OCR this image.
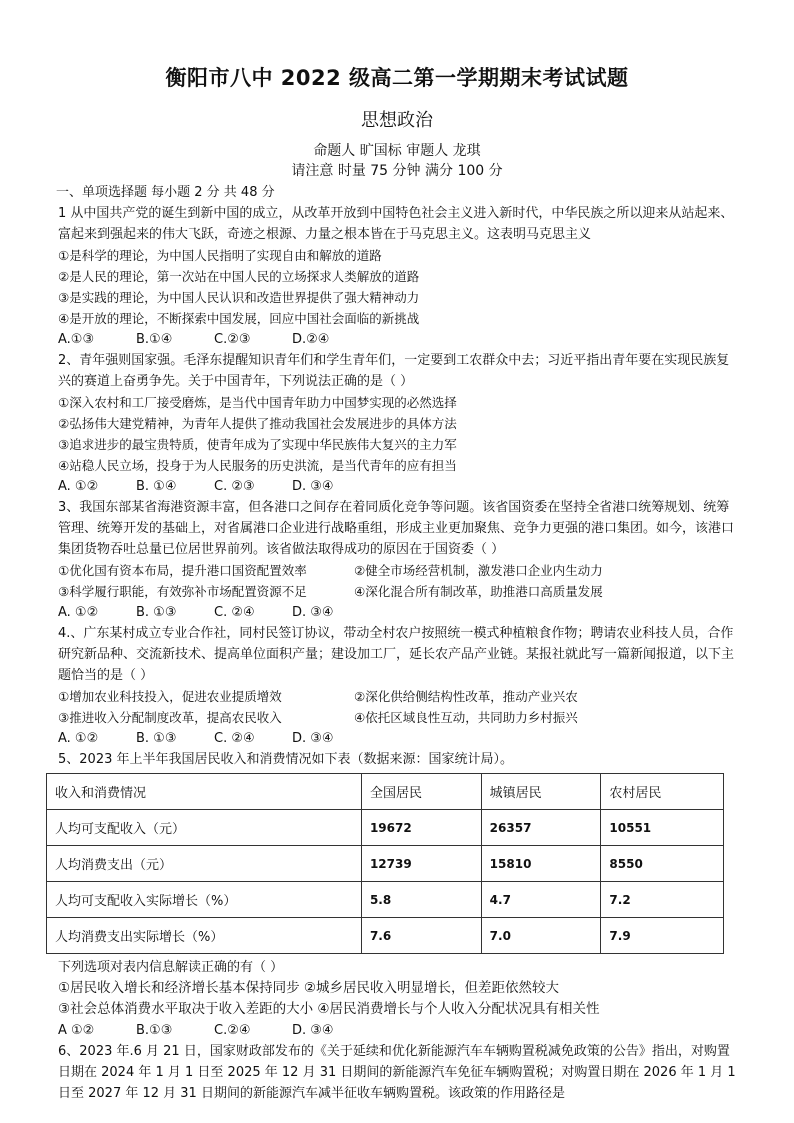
衡阳市八中 2022 级高二第一学期期末考试试题
思想政治
命题人 旷国标 审题人 龙琪
请注意 时量 75 分钟 满分 100 分

一、单项选择题 每小题 2 分 共 48 分

1 从中国共产党的诞生到新中国的成立，从改革开放到中国特色社会主义进入新时代，中华民族之所以迎来从站起来、富起来到强起来的伟大飞跃，奇迹之根源、力量之根本皆在于马克思主义。这表明马克思主义

①是科学的理论，为中国人民指明了实现自由和解放的道路

②是人民的理论，第一次站在中国人民的立场探求人类解放的道路

③是实践的理论，为中国人民认识和改造世界提供了强大精神动力

④是开放的理论，不断探索中国发展，回应中国社会面临的新挑战

A.①③	B.①④	C.②③	D.②④

2、青年强则国家强。毛泽东提醒知识青年们和学生青年们，一定要到工农群众中去；习近平指出青年要在实现民族复兴的赛道上奋勇争先。关于中国青年，下列说法正确的是（ ）

①深入农村和工厂接受磨炼，是当代中国青年助力中国梦实现的必然选择

②弘扬伟大建党精神，为青年人提供了推动我国社会发展进步的具体方法

③追求进步的最宝贵特质，使青年成为了实现中华民族伟大复兴的主力军

④站稳人民立场，投身于为人民服务的历史洪流，是当代青年的应有担当

A. ①②	B. ①④	C. ②③	D. ③④

3、我国东部某省海港资源丰富，但各港口之间存在着同质化竞争等问题。该省国资委在坚持全省港口统筹规划、统筹管理、统筹开发的基础上，对省属港口企业进行战略重组，形成主业更加聚焦、竞争力更强的港口集团。如今，该港口集团货物吞吐总量已位居世界前列。该省做法取得成功的原因在于国资委（ ）

①优化国有资本布局，提升港口国资配置效率	②健全市场经营机制，激发港口企业内生动力
③科学履行职能，有效弥补市场配置资源不足	④深化混合所有制改革，助推港口高质量发展
A. ①②	B. ①③	C. ②④	D. ③④

4.、广东某村成立专业合作社，同村民签订协议，带动全村农户按照统一模式种植粮食作物；聘请农业科技人员，合作研究新品种、交流新技术、提高单位面积产量；建设加工厂，延长农产品产业链。某报社就此写一篇新闻报道，以下主题恰当的是（ ）

①增加农业科技投入，促进农业提质增效	②深化供给侧结构性改革，推动产业兴农
③推进收入分配制度改革，提高农民收入	④依托区域良性互动，共同助力乡村振兴
A. ①②	B. ①③	C. ②④	D. ③④

5、2023 年上半年我国居民收入和消费情况如下表（数据来源：国家统计局）。

收入和消费情况	全国居民	城镇居民	农村居民
人均可支配收入（元）	19672	26357	10551
人均消费支出（元）	12739	15810	8550
人均可支配收入实际增长（%）	5.8	4.7	7.2
人均消费支出实际增长（%）	7.6	7.0	7.9

下列选项对表内信息解读正确的有（ ）

①居民收入增长和经济增长基本保持同步 ②城乡居民收入明显增长，但差距依然较大

③社会总体消费水平取决于收入差距的大小 ④居民消费增长与个人收入分配状况具有相关性

A ①②	B.①③	C.②④	D. ③④

6、2023 年.6 月 21 日，国家财政部发布的《关于延续和优化新能源汽车车辆购置税减免政策的公告》指出，对购置日期在 2024 年 1 月 1 日至 2025 年 12 月 31 日期间的新能源汽车免征车辆购置税；对购置日期在 2026 年 1 月 1 日至 2027 年 12 月 31 日期间的新能源汽车减半征收车辆购置税。该政策的作用路径是
